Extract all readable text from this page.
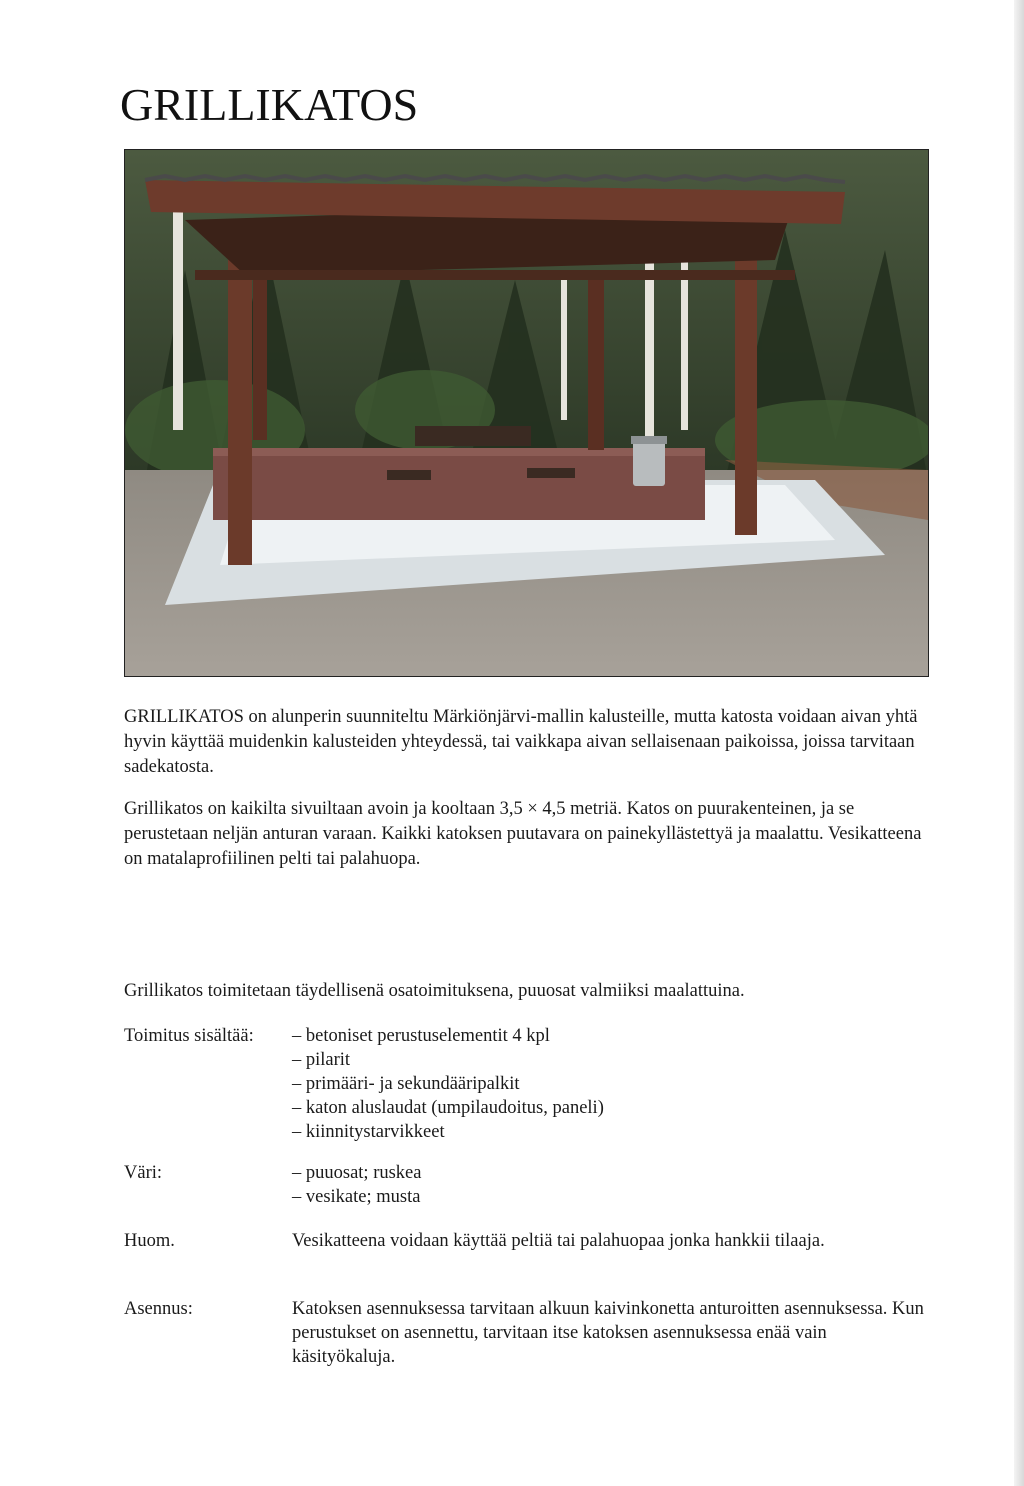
GRILLIKATOS

GRILLIKATOS on alunperin suunniteltu Märkiönjärvi-mallin kalusteille, mutta katosta voidaan aivan yhtä hyvin käyttää muidenkin kalusteiden yhteydessä, tai vaikkapa aivan sellaisenaan paikoissa, joissa tarvitaan sadekatosta.

Grillikatos on kaikilta sivuiltaan avoin ja kooltaan 3,5 × 4,5 metriä. Katos on puurakenteinen, ja se perustetaan neljän anturan varaan. Kaikki katoksen puutavara on painekyllästettyä ja maalattu. Vesikatteena on matalaprofiilinen pelti tai palahuopa.

Grillikatos toimitetaan täydellisenä osatoimituksena, puuosat valmiiksi maalattuina.

Toimitus sisältää:	– betoniset perustuselementit 4 kpl
– pilarit
– primääri- ja sekundääripalkit
– katon aluslaudat (umpilaudoitus, paneli)
– kiinnitystarvikkeet
Väri:	– puuosat; ruskea
– vesikate; musta
Huom.	Vesikatteena voidaan käyttää peltiä tai palahuopaa jonka hankkii tilaaja.
Asennus:	Katoksen asennuksessa tarvitaan alkuun kaivinkonetta anturoitten asennuksessa. Kun perustukset on asennettu, tarvitaan itse katoksen asennuksessa enää vain käsityökaluja.
